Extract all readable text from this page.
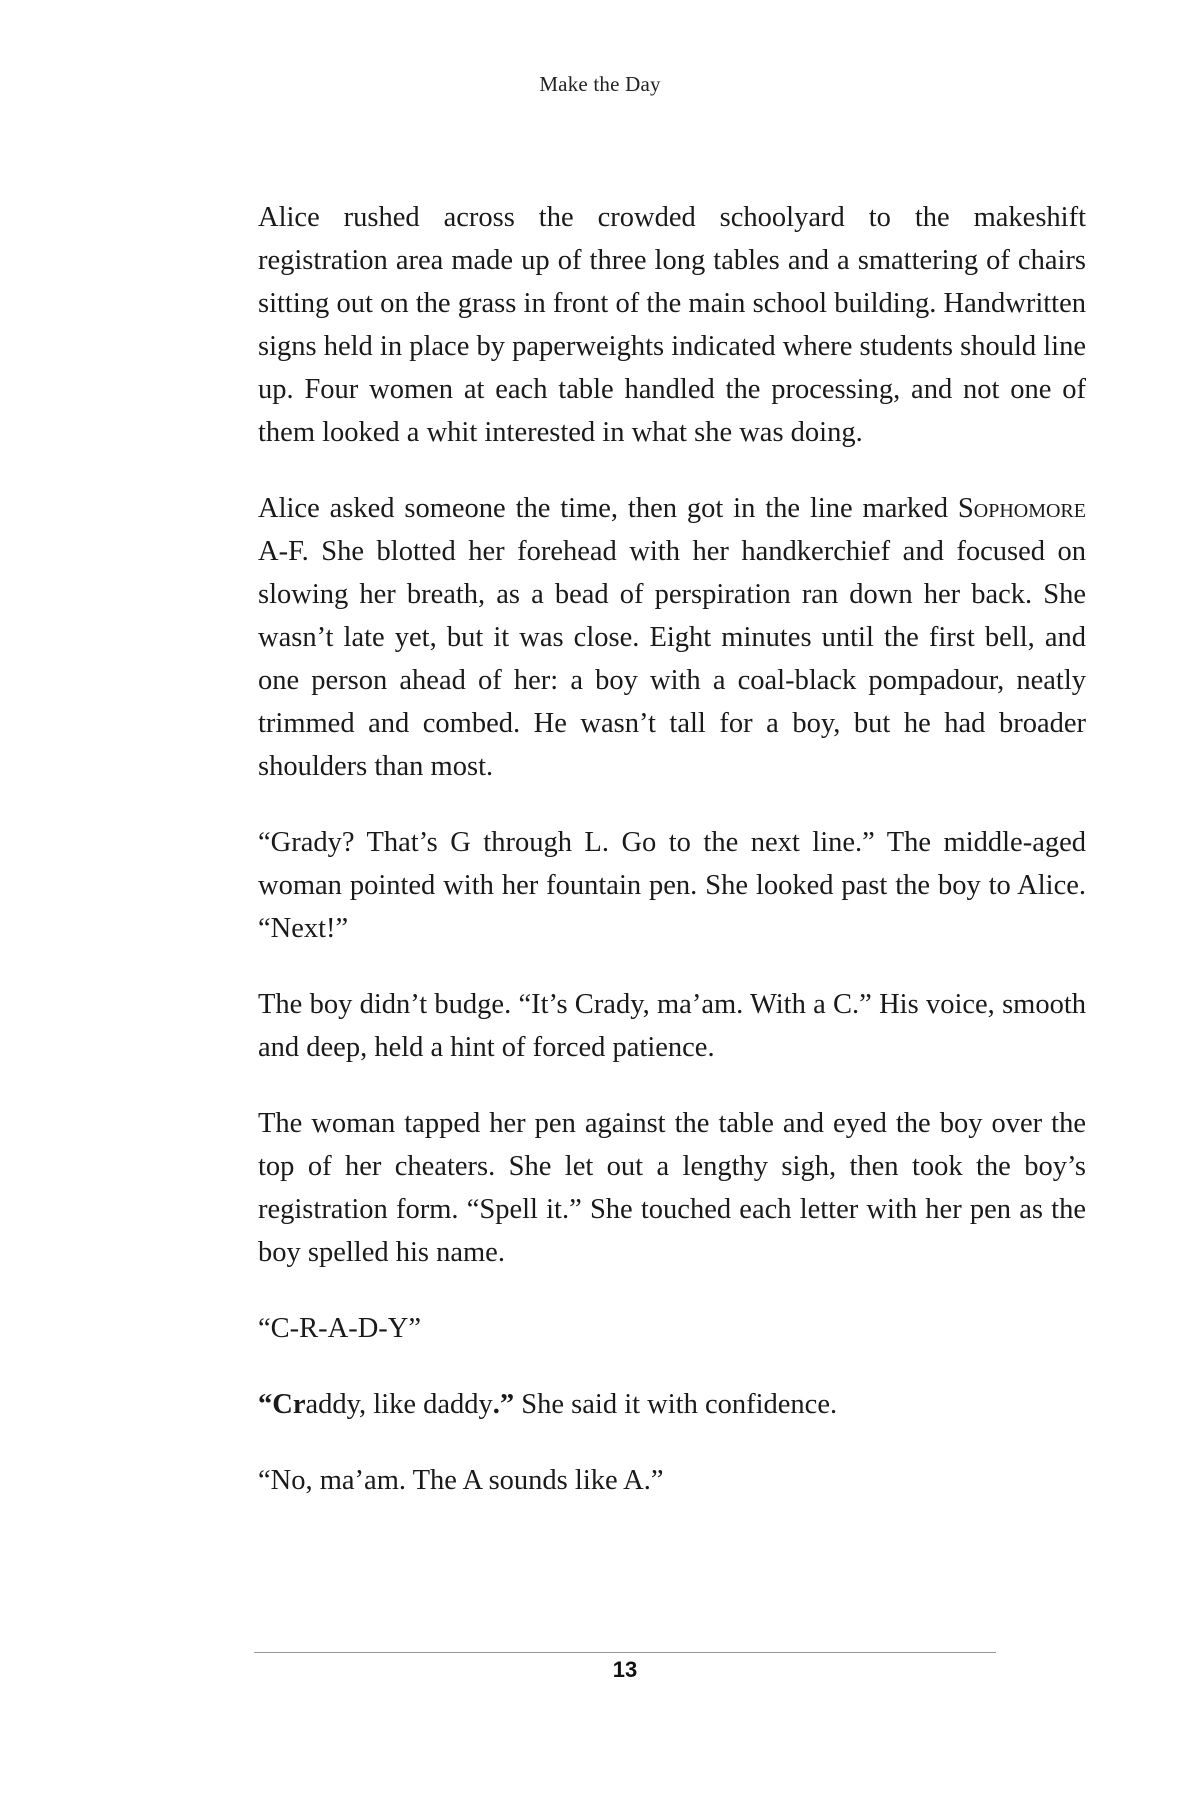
Make the Day

Alice rushed across the crowded schoolyard to the makeshift registration area made up of three long tables and a smattering of chairs sitting out on the grass in front of the main school building. Handwritten signs held in place by paperweights indicated where students should line up. Four women at each table handled the processing, and not one of them looked a whit interested in what she was doing.

Alice asked someone the time, then got in the line marked Sophomore A-F. She blotted her forehead with her handkerchief and focused on slowing her breath, as a bead of perspiration ran down her back. She wasn’t late yet, but it was close. Eight minutes until the first bell, and one person ahead of her: a boy with a coal-black pompadour, neatly trimmed and combed. He wasn’t tall for a boy, but he had broader shoulders than most.

“Grady? That’s G through L. Go to the next line.” The middle-aged woman pointed with her fountain pen. She looked past the boy to Alice. “Next!”

The boy didn’t budge. “It’s Crady, ma’am. With a C.” His voice, smooth and deep, held a hint of forced patience.

The woman tapped her pen against the table and eyed the boy over the top of her cheaters. She let out a lengthy sigh, then took the boy’s registration form. “Spell it.” She touched each letter with her pen as the boy spelled his name.

“C-R-A-D-Y”

“Craddy, like daddy.” She said it with confidence.

“No, ma’am. The A sounds like A.”

13
